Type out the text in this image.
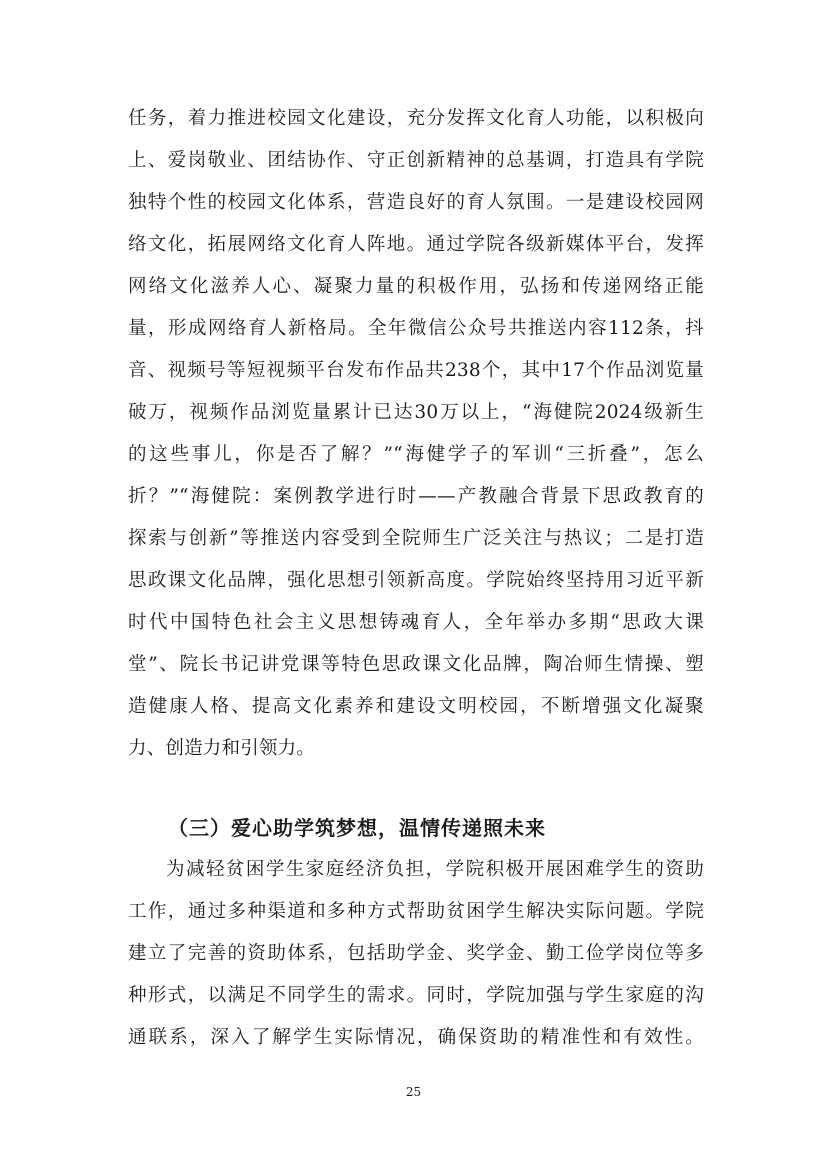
任务，着力推进校园文化建设，充分发挥文化育人功能，以积极向
上、爱岗敬业、团结协作、守正创新精神的总基调，打造具有学院
独特个性的校园文化体系，营造良好的育人氛围。一是建设校园网
络文化，拓展网络文化育人阵地。通过学院各级新媒体平台，发挥
网络文化滋养人心、凝聚力量的积极作用，弘扬和传递网络正能
量，形成网络育人新格局。全年微信公众号共推送内容112条，抖
音、视频号等短视频平台发布作品共238个，其中17个作品浏览量
破万，视频作品浏览量累计已达30万以上，“海健院2024级新生
的这些事儿，你是否了解？”“海健学子的军训“三折叠”，怎么
折？”“海健院：案例教学进行时——产教融合背景下思政教育的
探索与创新”等推送内容受到全院师生广泛关注与热议；二是打造
思政课文化品牌，强化思想引领新高度。学院始终坚持用习近平新
时代中国特色社会主义思想铸魂育人，全年举办多期“思政大课
堂”、院长书记讲党课等特色思政课文化品牌，陶冶师生情操、塑
造健康人格、提高文化素养和建设文明校园，不断增强文化凝聚
力、创造力和引领力。
（三）爱心助学筑梦想，温情传递照未来
为减轻贫困学生家庭经济负担，学院积极开展困难学生的资助
工作，通过多种渠道和多种方式帮助贫困学生解决实际问题。学院
建立了完善的资助体系，包括助学金、奖学金、勤工俭学岗位等多
种形式，以满足不同学生的需求。同时，学院加强与学生家庭的沟
通联系，深入了解学生实际情况，确保资助的精准性和有效性。
25
